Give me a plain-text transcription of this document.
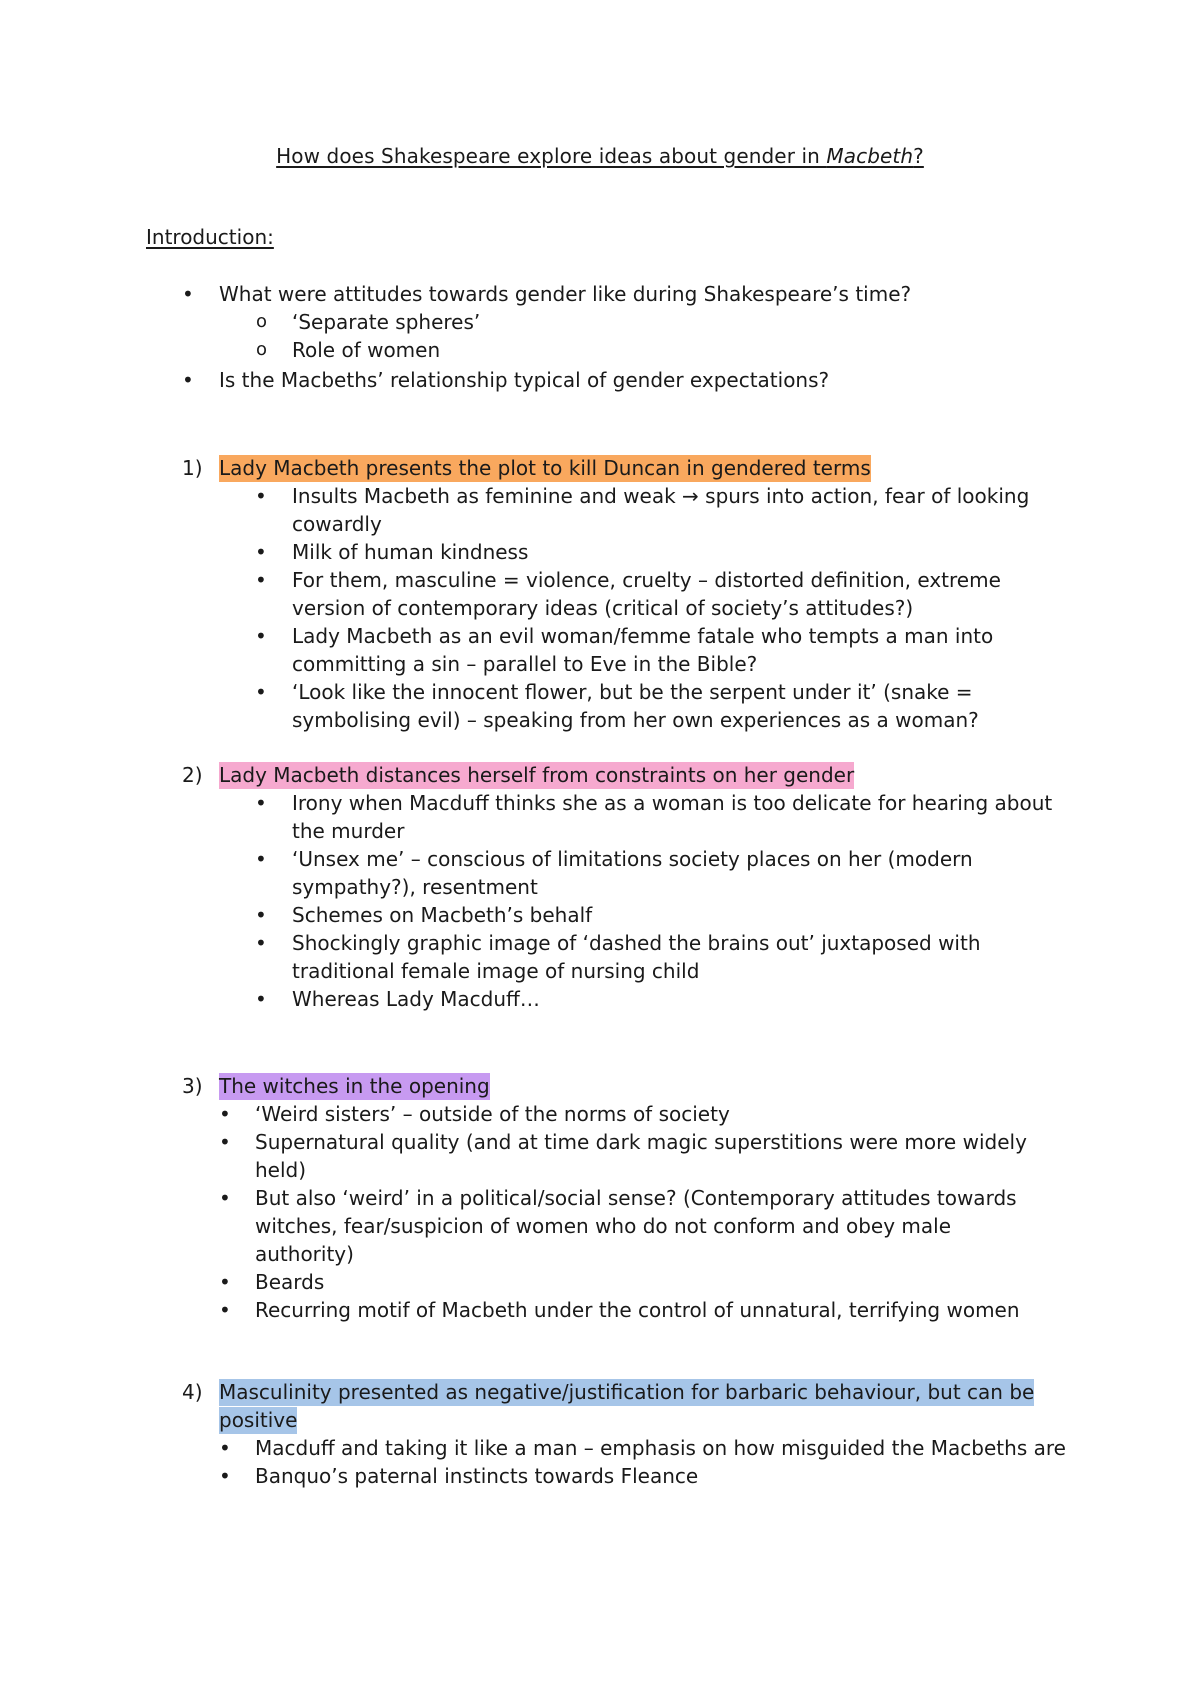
How does Shakespeare explore ideas about gender in Macbeth?
Introduction:
• What were attitudes towards gender like during Shakespeare’s time?

o ‘Separate spheres’

o Role of women

• Is the Macbeths’ relationship typical of gender expectations?

1) Lady Macbeth presents the plot to kill Duncan in gendered terms

• Insults Macbeth as feminine and weak → spurs into action, fear of looking

cowardly

• Milk of human kindness

• For them, masculine = violence, cruelty – distorted definition, extreme

version of contemporary ideas (critical of society’s attitudes?)

• Lady Macbeth as an evil woman/femme fatale who tempts a man into

committing a sin – parallel to Eve in the Bible?

• ‘Look like the innocent flower, but be the serpent under it’ (snake =

symbolising evil) – speaking from her own experiences as a woman?

2) Lady Macbeth distances herself from constraints on her gender

• Irony when Macduff thinks she as a woman is too delicate for hearing about

the murder

• ‘Unsex me’ – conscious of limitations society places on her (modern

sympathy?), resentment

• Schemes on Macbeth’s behalf

• Shockingly graphic image of ‘dashed the brains out’ juxtaposed with

traditional female image of nursing child

• Whereas Lady Macduff…

3) The witches in the opening

• ‘Weird sisters’ – outside of the norms of society

• Supernatural quality (and at time dark magic superstitions were more widely

held)

• But also ‘weird’ in a political/social sense? (Contemporary attitudes towards

witches, fear/suspicion of women who do not conform and obey male

authority)

• Beards

• Recurring motif of Macbeth under the control of unnatural, terrifying women

4) Masculinity presented as negative/justification for barbaric behaviour, but can be

positive

• Macduff and taking it like a man – emphasis on how misguided the Macbeths are

• Banquo’s paternal instincts towards Fleance
